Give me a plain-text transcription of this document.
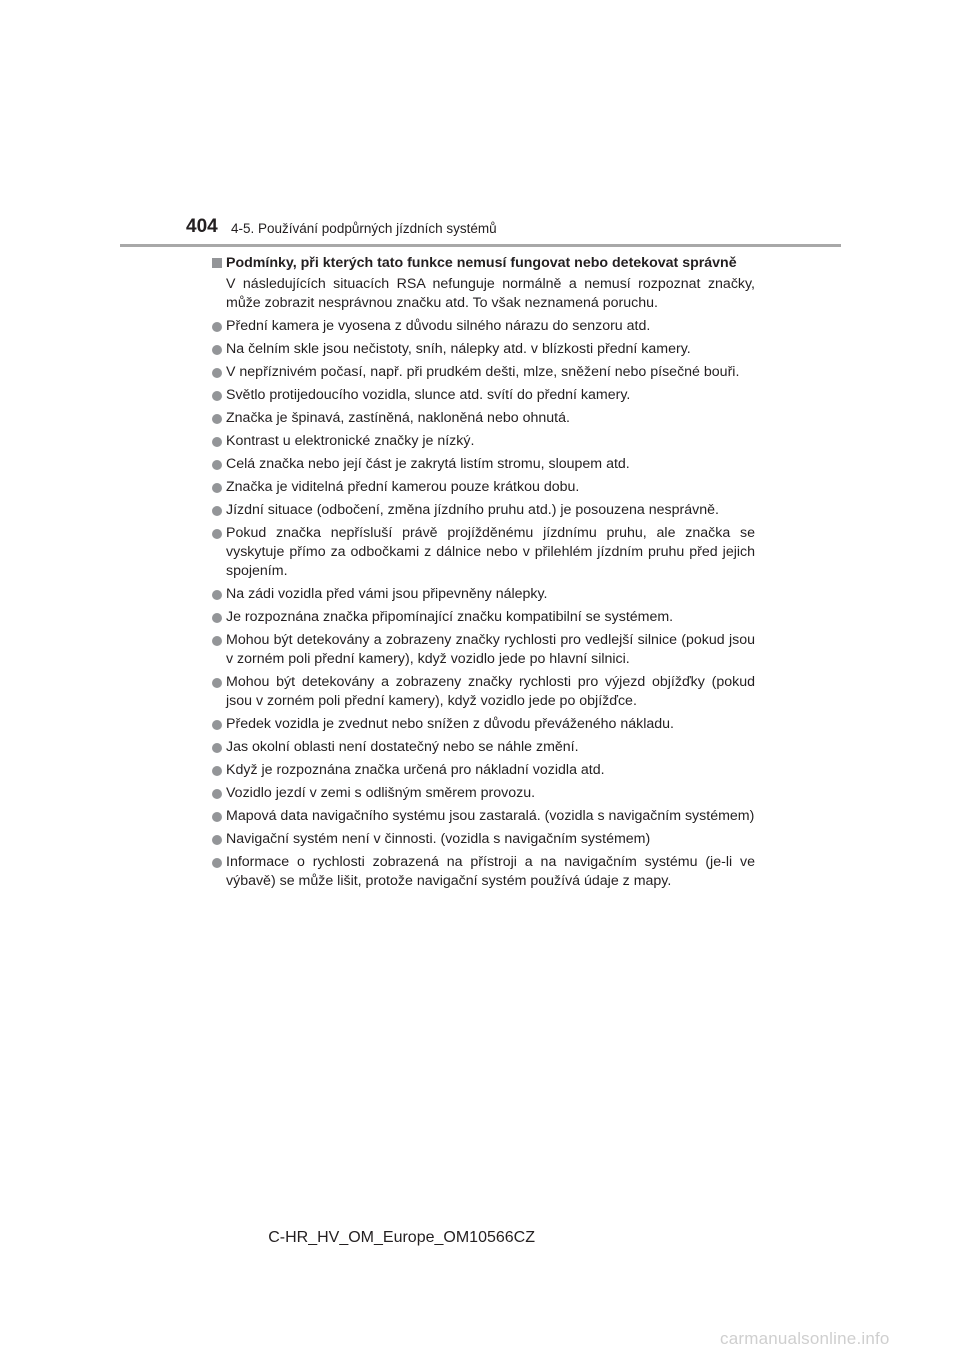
404 4-5. Používání podpůrných jízdních systémů

Podmínky, při kterých tato funkce nemusí fungovat nebo detekovat správně

V následujících situacích RSA nefunguje normálně a nemusí rozpoznat značky, může zobrazit nesprávnou značku atd. To však neznamená poruchu.

Přední kamera je vyosena z důvodu silného nárazu do senzoru atd.
Na čelním skle jsou nečistoty, sníh, nálepky atd. v blízkosti přední kamery.
V nepříznivém počasí, např. při prudkém dešti, mlze, sněžení nebo písečné bouři.
Světlo protijedoucího vozidla, slunce atd. svítí do přední kamery.
Značka je špinavá, zastíněná, nakloněná nebo ohnutá.
Kontrast u elektronické značky je nízký.
Celá značka nebo její část je zakrytá listím stromu, sloupem atd.
Značka je viditelná přední kamerou pouze krátkou dobu.
Jízdní situace (odbočení, změna jízdního pruhu atd.) je posouzena nesprávně.
Pokud značka nepřísluší právě projížděnému jízdnímu pruhu, ale značka se vyskytuje přímo za odbočkami z dálnice nebo v přilehlém jízdním pruhu před jejich spojením.
Na zádi vozidla před vámi jsou připevněny nálepky.
Je rozpoznána značka připomínající značku kompatibilní se systémem.
Mohou být detekovány a zobrazeny značky rychlosti pro vedlejší silnice (pokud jsou v zorném poli přední kamery), když vozidlo jede po hlavní silnici.
Mohou být detekovány a zobrazeny značky rychlosti pro výjezd objížďky (pokud jsou v zorném poli přední kamery), když vozidlo jede po objížďce.
Předek vozidla je zvednut nebo snížen z důvodu převáženého nákladu.
Jas okolní oblasti není dostatečný nebo se náhle změní.
Když je rozpoznána značka určená pro nákladní vozidla atd.
Vozidlo jezdí v zemi s odlišným směrem provozu.
Mapová data navigačního systému jsou zastaralá. (vozidla s navigačním systémem)
Navigační systém není v činnosti. (vozidla s navigačním systémem)
Informace o rychlosti zobrazená na přístroji a na navigačním systému (je-li ve výbavě) se může lišit, protože navigační systém používá údaje z mapy.
C-HR_HV_OM_Europe_OM10566CZ
carmanualsonline.info
